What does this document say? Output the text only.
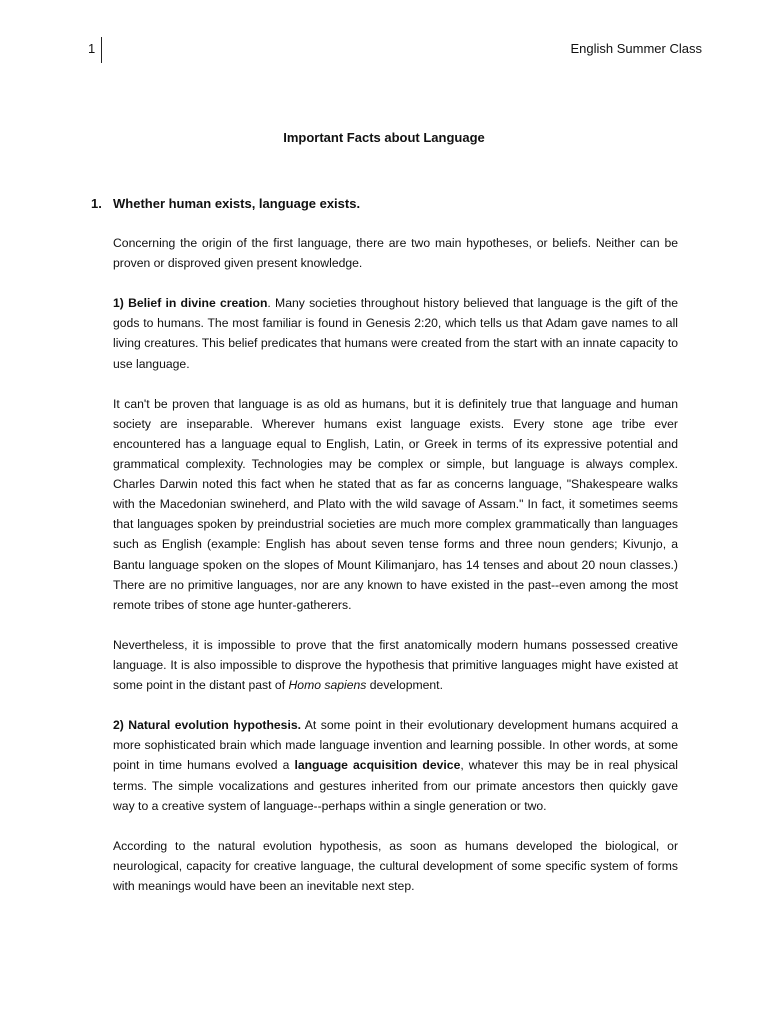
1	English Summer Class
Important Facts about Language
1. Whether human exists, language exists.

Concerning the origin of the first language, there are two main hypotheses, or beliefs. Neither can be proven or disproved given present knowledge.

1) Belief in divine creation. Many societies throughout history believed that language is the gift of the gods to humans. The most familiar is found in Genesis 2:20, which tells us that Adam gave names to all living creatures. This belief predicates that humans were created from the start with an innate capacity to use language.

It can't be proven that language is as old as humans, but it is definitely true that language and human society are inseparable. Wherever humans exist language exists. Every stone age tribe ever encountered has a language equal to English, Latin, or Greek in terms of its expressive potential and grammatical complexity. Technologies may be complex or simple, but language is always complex. Charles Darwin noted this fact when he stated that as far as concerns language, "Shakespeare walks with the Macedonian swineherd, and Plato with the wild savage of Assam." In fact, it sometimes seems that languages spoken by preindustrial societies are much more complex grammatically than languages such as English (example: English has about seven tense forms and three noun genders; Kivunjo, a Bantu language spoken on the slopes of Mount Kilimanjaro, has 14 tenses and about 20 noun classes.) There are no primitive languages, nor are any known to have existed in the past--even among the most remote tribes of stone age hunter-gatherers.

Nevertheless, it is impossible to prove that the first anatomically modern humans possessed creative language. It is also impossible to disprove the hypothesis that primitive languages might have existed at some point in the distant past of Homo sapiens development.

2) Natural evolution hypothesis. At some point in their evolutionary development humans acquired a more sophisticated brain which made language invention and learning possible. In other words, at some point in time humans evolved a language acquisition device, whatever this may be in real physical terms. The simple vocalizations and gestures inherited from our primate ancestors then quickly gave way to a creative system of language--perhaps within a single generation or two.

According to the natural evolution hypothesis, as soon as humans developed the biological, or neurological, capacity for creative language, the cultural development of some specific system of forms with meanings would have been an inevitable next step.
